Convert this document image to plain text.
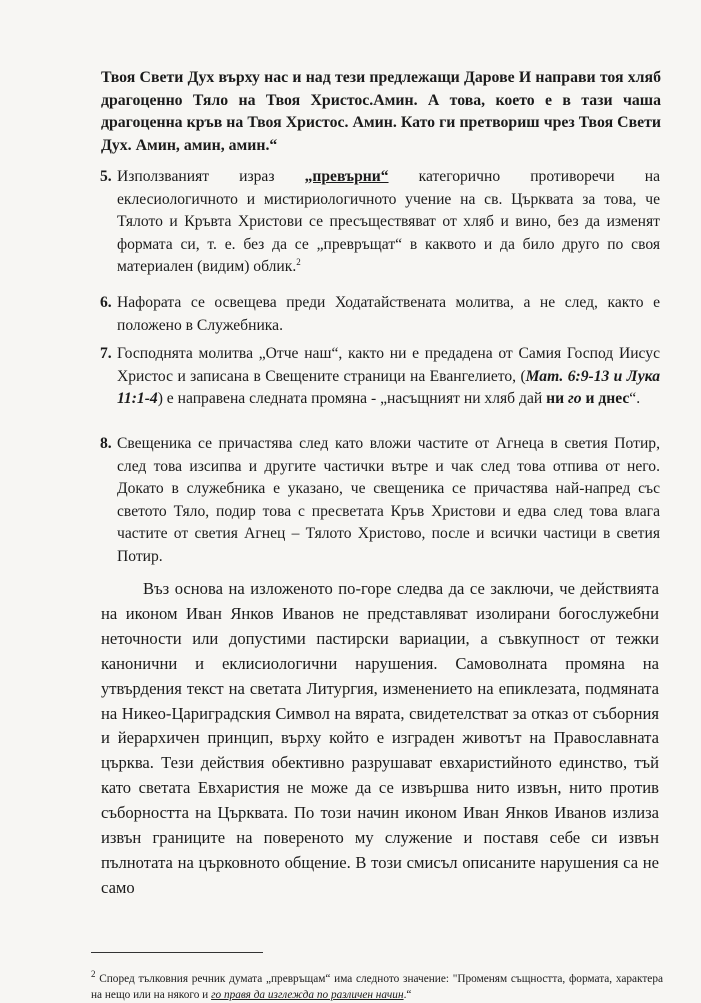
Твоя Свети Дух върху нас и над тези предлежащи Дарове И направи тоя хляб драгоценно Тяло на Твоя Христос.Амин. А това, което е в тази чаша драгоценна кръв на Твоя Христос. Амин. Като ги претвориш чрез Твоя Свети Дух. Амин, амин, амин.“

5. Използваният     израз     „превърни“     категорично     противоречи     на еклесиологичното и мистириологичното учение на св. Църквата за това, че Тялото и Кръвта Христови се пресъществяват от хляб и вино, без да изменят формата си, т. е. без да се „превръщат“ в каквото и да било друго по своя материален (видим) облик.$^2$
6. Нафората се освещева преди Ходатайствената молитва, а не след, както е положено в Служебника.
7. Господнята молитва „Отче наш“, както ни е предадена от Самия Господ Иисус Христос и записана в Свещените страници на Евангелието, (Мат. 6:9-13 и Лука 11:1-4) е направена следната промяна - „насъщният ни хляб дай ни го и днес“.
8. Свещеника се причастява след като вложи частите от Агнеца в светия Потир, след това изсипва и другите частички вътре и чак след това отпива от него. Докато в служебника е указано, че свещеника се причастява най-напред със светото Тяло, подир това с пресветата Кръв Христови и едва след това влага частите от светия Агнец – Тялото Христово, после и всички частици в светия Потир.

Въз основа на изложеното по-горе следва да се заключи, че действията на иконом Иван Янков Иванов не представляват изолирани богослужебни неточности или допустими пастирски вариации, а съвкупност от тежки канонични и еклисиологични нарушения. Самоволната промяна на утвърдения текст на светата Литургия, изменението на епиклезата, подмяната на Никео-Цариградския Символ на вярата, свидетелстват за отказ от съборния и йерархичен принцип, върху който е изграден животът на Православната църква. Тези действия обективно разрушават евхаристийното единство, тъй като светата Евхаристия не може да се извършва нито извън, нито против съборността на Църквата. По този начин иконом Иван Янков Иванов излиза извън границите на повереното му служение и поставя себе си извън пълнотата на църковното общение. В този смисъл описаните нарушения са не само

$^2$ Според тълковния речник думата „превръщам“ има следното значение: "Променям същността, формата, характера на нещо или на някого и го правя да изглежда по различен начин.“
